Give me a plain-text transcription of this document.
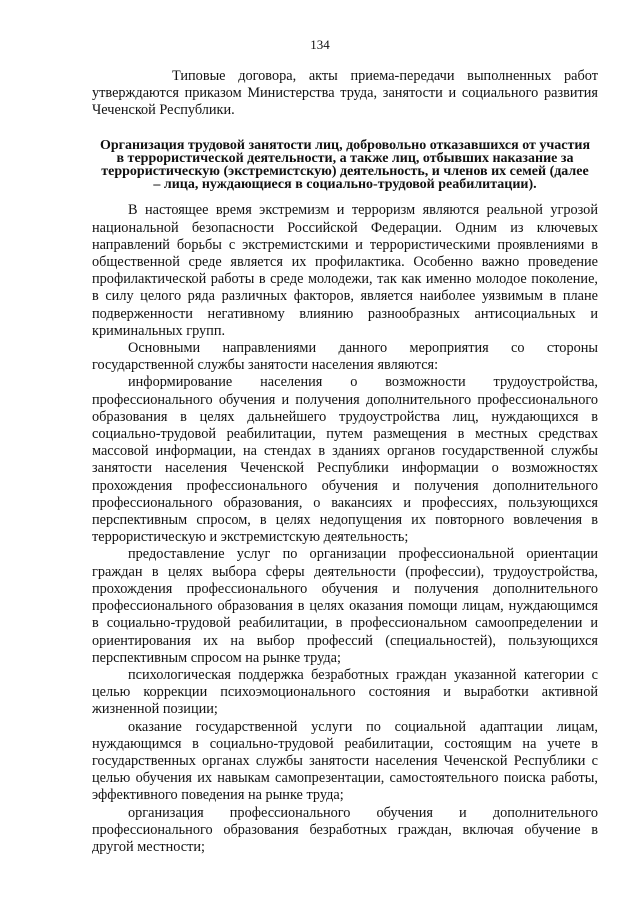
134

Типовые договора, акты приема-передачи выполненных работ утверждаются приказом Министерства труда, занятости и социального развития Чеченской Республики.

Организация трудовой занятости лиц, добровольно отказавшихся от участия в террористической деятельности, а также лиц, отбывших наказание за террористическую (экстремистскую) деятельность, и членов их семей (далее – лица, нуждающиеся в социально-трудовой реабилитации).

В настоящее время экстремизм и терроризм являются реальной угрозой национальной безопасности Российской Федерации. Одним из ключевых направлений борьбы с экстремистскими и террористическими проявлениями в общественной среде является их профилактика. Особенно важно проведение профилактической работы в среде молодежи, так как именно молодое поколение, в силу целого ряда различных факторов, является наиболее уязвимым в плане подверженности негативному влиянию разнообразных антисоциальных и криминальных групп.

Основными направлениями данного мероприятия со стороны государственной службы занятости населения являются:

информирование населения о возможности трудоустройства, профессионального обучения и получения дополнительного профессионального образования в целях дальнейшего трудоустройства лиц, нуждающихся в социально-трудовой реабилитации, путем размещения в местных средствах массовой информации, на стендах в зданиях органов государственной службы занятости населения Чеченской Республики информации о возможностях прохождения профессионального обучения и получения дополнительного профессионального образования, о вакансиях и профессиях, пользующихся перспективным спросом, в целях недопущения их повторного вовлечения в террористическую и экстремистскую деятельность;

предоставление услуг по организации профессиональной ориентации граждан в целях выбора сферы деятельности (профессии), трудоустройства, прохождения профессионального обучения и получения дополнительного профессионального образования в целях оказания помощи лицам, нуждающимся в социально-трудовой реабилитации, в профессиональном самоопределении и ориентирования их на выбор профессий (специальностей), пользующихся перспективным спросом на рынке труда;

психологическая поддержка безработных граждан указанной категории с целью коррекции психоэмоционального состояния и выработки активной жизненной позиции;

оказание государственной услуги по социальной адаптации лицам, нуждающимся в социально-трудовой реабилитации, состоящим на учете в государственных органах службы занятости населения Чеченской Республики с целью обучения их навыкам самопрезентации, самостоятельного поиска работы, эффективного поведения на рынке труда;

организация профессионального обучения и дополнительного профессионального образования безработных граждан, включая обучение в другой местности;
